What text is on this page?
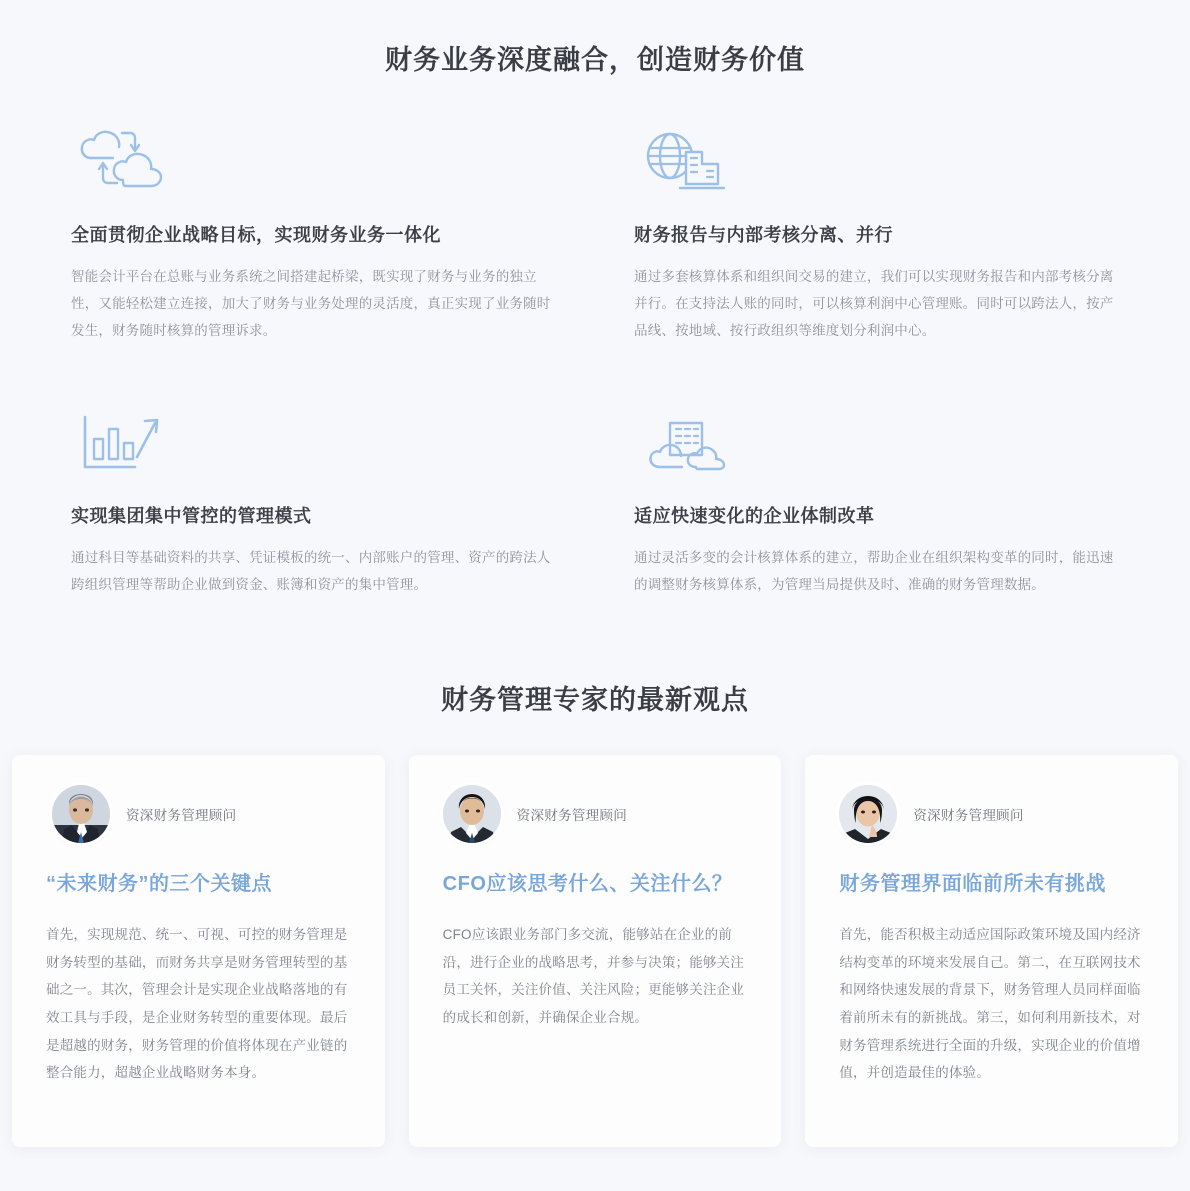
财务业务深度融合，创造财务价值
全面贯彻企业战略目标，实现财务业务一体化

智能会计平台在总账与业务系统之间搭建起桥梁，既实现了财务与业务的独立性，又能轻松建立连接，加大了财务与业务处理的灵活度，真正实现了业务随时发生，财务随时核算的管理诉求。

财务报告与内部考核分离、并行

通过多套核算体系和组织间交易的建立，我们可以实现财务报告和内部考核分离并行。在支持法人账的同时，可以核算利润中心管理账。同时可以跨法人，按产品线、按地域、按行政组织等维度划分利润中心。

实现集团集中管控的管理模式

通过科目等基础资料的共享、凭证模板的统一、内部账户的管理、资产的跨法人跨组织管理等帮助企业做到资金、账簿和资产的集中管理。

适应快速变化的企业体制改革

通过灵活多变的会计核算体系的建立，帮助企业在组织架构变革的同时，能迅速的调整财务核算体系，为管理当局提供及时、准确的财务管理数据。

财务管理专家的最新观点
资深财务管理顾问
“未来财务”的三个关键点

首先，实现规范、统一、可视、可控的财务管理是财务转型的基础，而财务共享是财务管理转型的基础之一。其次，管理会计是实现企业战略落地的有效工具与手段，是企业财务转型的重要体现。最后是超越的财务，财务管理的价值将体现在产业链的整合能力，超越企业战略财务本身。

资深财务管理顾问
CFO应该思考什么、关注什么？

CFO应该跟业务部门多交流，能够站在企业的前沿，进行企业的战略思考，并参与决策；能够关注员工关怀，关注价值、关注风险；更能够关注企业的成长和创新，并确保企业合规。

资深财务管理顾问
财务管理界面临前所未有挑战

首先，能否积极主动适应国际政策环境及国内经济结构变革的环境来发展自己。第二，在互联网技术和网络快速发展的背景下，财务管理人员同样面临着前所未有的新挑战。第三，如何利用新技术，对财务管理系统进行全面的升级，实现企业的价值增值，并创造最佳的体验。
